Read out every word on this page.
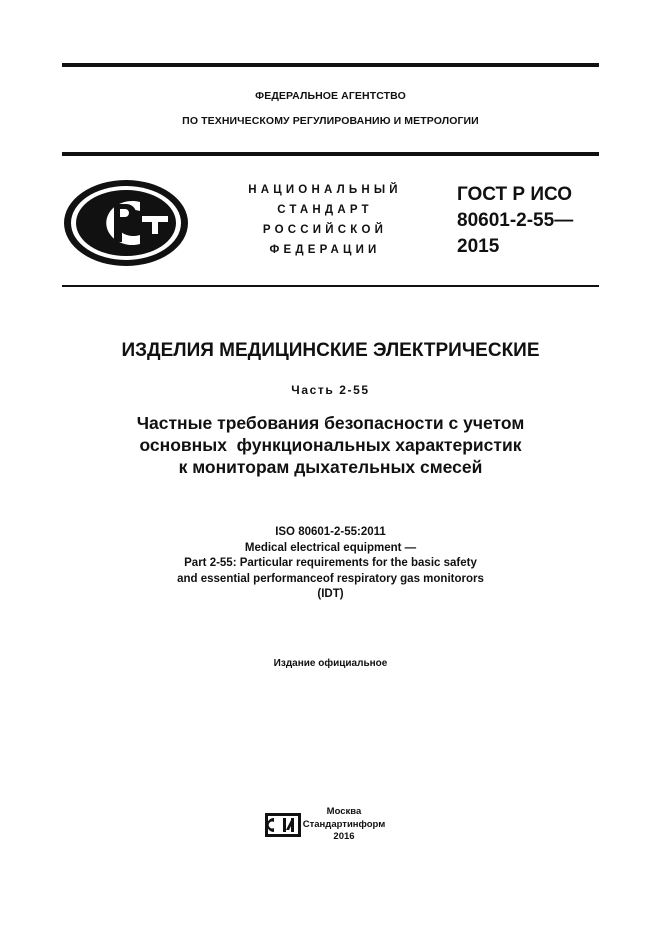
ФЕДЕРАЛЬНОЕ АГЕНТСТВО
ПО ТЕХНИЧЕСКОМУ РЕГУЛИРОВАНИЮ И МЕТРОЛОГИИ
НАЦИОНАЛЬНЫЙ
СТАНДАРТ
РОССИЙСКОЙ
ФЕДЕРАЦИИ
ГОСТ Р ИСО
80601-2-55—
2015
ИЗДЕЛИЯ МЕДИЦИНСКИЕ ЭЛЕКТРИЧЕСКИЕ
Часть 2-55
Частные требования безопасности с учетом
основных  функциональных характеристик
к мониторам дыхательных смесей
ISO 80601-2-55:2011
Medical electrical equipment —
Part 2-55: Particular requirements for the basic safety
and essential performanceof respiratory gas monitorors
(IDT)
Издание официальное
Москва
Стандартинформ
2016
